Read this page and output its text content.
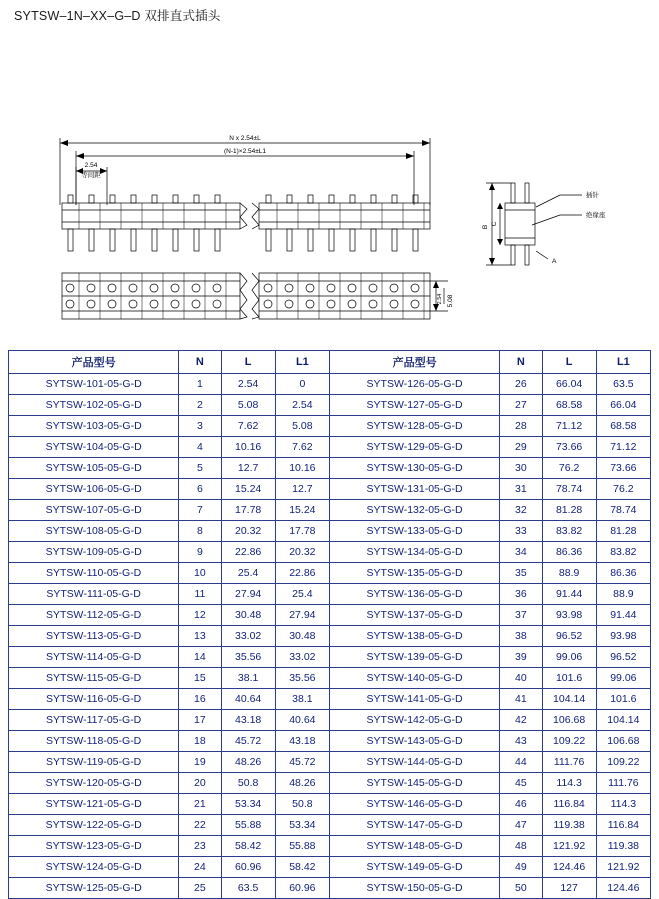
SYTSW–1N–XX–G–D 双排直式插头
N x 2.54±L
(N-1)×2.54±L1
2.54
等间距
5.08
2.54
插针
绝缘座
B
C
A
产品型号	N	L	L1	产品型号	N	L	L1
SYTSW-101-05-G-D	1	2.54	0	SYTSW-126-05-G-D	26	66.04	63.5
SYTSW-102-05-G-D	2	5.08	2.54	SYTSW-127-05-G-D	27	68.58	66.04
SYTSW-103-05-G-D	3	7.62	5.08	SYTSW-128-05-G-D	28	71.12	68.58
SYTSW-104-05-G-D	4	10.16	7.62	SYTSW-129-05-G-D	29	73.66	71.12
SYTSW-105-05-G-D	5	12.7	10.16	SYTSW-130-05-G-D	30	76.2	73.66
SYTSW-106-05-G-D	6	15.24	12.7	SYTSW-131-05-G-D	31	78.74	76.2
SYTSW-107-05-G-D	7	17.78	15.24	SYTSW-132-05-G-D	32	81.28	78.74
SYTSW-108-05-G-D	8	20.32	17.78	SYTSW-133-05-G-D	33	83.82	81.28
SYTSW-109-05-G-D	9	22.86	20.32	SYTSW-134-05-G-D	34	86.36	83.82
SYTSW-110-05-G-D	10	25.4	22.86	SYTSW-135-05-G-D	35	88.9	86.36
SYTSW-111-05-G-D	11	27.94	25.4	SYTSW-136-05-G-D	36	91.44	88.9
SYTSW-112-05-G-D	12	30.48	27.94	SYTSW-137-05-G-D	37	93.98	91.44
SYTSW-113-05-G-D	13	33.02	30.48	SYTSW-138-05-G-D	38	96.52	93.98
SYTSW-114-05-G-D	14	35.56	33.02	SYTSW-139-05-G-D	39	99.06	96.52
SYTSW-115-05-G-D	15	38.1	35.56	SYTSW-140-05-G-D	40	101.6	99.06
SYTSW-116-05-G-D	16	40.64	38.1	SYTSW-141-05-G-D	41	104.14	101.6
SYTSW-117-05-G-D	17	43.18	40.64	SYTSW-142-05-G-D	42	106.68	104.14
SYTSW-118-05-G-D	18	45.72	43.18	SYTSW-143-05-G-D	43	109.22	106.68
SYTSW-119-05-G-D	19	48.26	45.72	SYTSW-144-05-G-D	44	111.76	109.22
SYTSW-120-05-G-D	20	50.8	48.26	SYTSW-145-05-G-D	45	114.3	111.76
SYTSW-121-05-G-D	21	53.34	50.8	SYTSW-146-05-G-D	46	116.84	114.3
SYTSW-122-05-G-D	22	55.88	53.34	SYTSW-147-05-G-D	47	119.38	116.84
SYTSW-123-05-G-D	23	58.42	55.88	SYTSW-148-05-G-D	48	121.92	119.38
SYTSW-124-05-G-D	24	60.96	58.42	SYTSW-149-05-G-D	49	124.46	121.92
SYTSW-125-05-G-D	25	63.5	60.96	SYTSW-150-05-G-D	50	127	124.46
